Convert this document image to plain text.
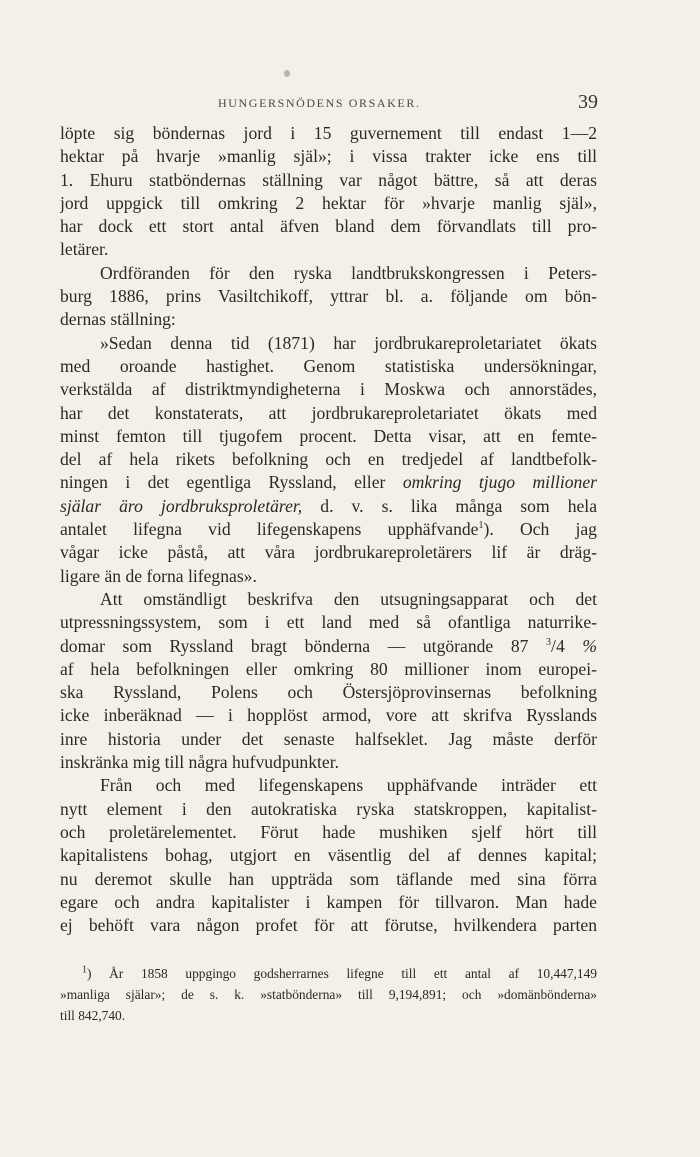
HUNGERSNÖDENS ORSAKER.	39
löpte sig böndernas jord i 15 guvernement till endast 1—2
hektar på hvarje »manlig själ»; i vissa trakter icke ens till
1. Ehuru statböndernas ställning var något bättre, så att deras
jord uppgick till omkring 2 hektar för »hvarje manlig själ»,
har dock ett stort antal äfven bland dem förvandlats till pro-
letärer.
Ordföranden för den ryska landtbrukskongressen i Peters-
burg 1886, prins Vasiltchikoff, yttrar bl. a. följande om bön-
dernas ställning:
»Sedan denna tid (1871) har jordbrukareproletariatet ökats
med oroande hastighet. Genom statistiska undersökningar,
verkstälda af distriktmyndigheterna i Moskwa och annorstädes,
har det konstaterats, att jordbrukareproletariatet ökats med
minst femton till tjugofem procent. Detta visar, att en femte-
del af hela rikets befolkning och en tredjedel af landtbefolk-
ningen i det egentliga Ryssland, eller omkring tjugo millioner
själar äro jordbruksproletärer, d. v. s. lika många som hela
antalet lifegna vid lifegenskapens upphäfvande$^1$). Och jag
vågar icke påstå, att våra jordbrukareproletärers lif är dräg-
ligare än de forna lifegnas».
Att omständligt beskrifva den utsugningsapparat och det
utpressningssystem, som i ett land med så ofantliga naturrike-
domar som Ryssland bragt bönderna — utgörande 87 $^3$/4 %
af hela befolkningen eller omkring 80 millioner inom europei-
ska Ryssland, Polens och Östersjöprovinsernas befolkning
icke inberäknad — i hopplöst armod, vore att skrifva Rysslands
inre historia under det senaste halfseklet. Jag måste derför
inskränka mig till några hufvudpunkter.
Från och med lifegenskapens upphäfvande inträder ett
nytt element i den autokratiska ryska statskroppen, kapitalist-
och proletärelementet. Förut hade mushiken sjelf hört till
kapitalistens bohag, utgjort en väsentlig del af dennes kapital;
nu deremot skulle han uppträda som täflande med sina förra
egare och andra kapitalister i kampen för tillvaron. Man hade
ej behöft vara någon profet för att förutse, hvilkendera parten
$^1$) År 1858 uppgingo godsherrarnes lifegne till ett antal af 10,447,149
»manliga själar»; de s. k. »statbönderna» till 9,194,891; och »domänbönderna»
till 842,740.
